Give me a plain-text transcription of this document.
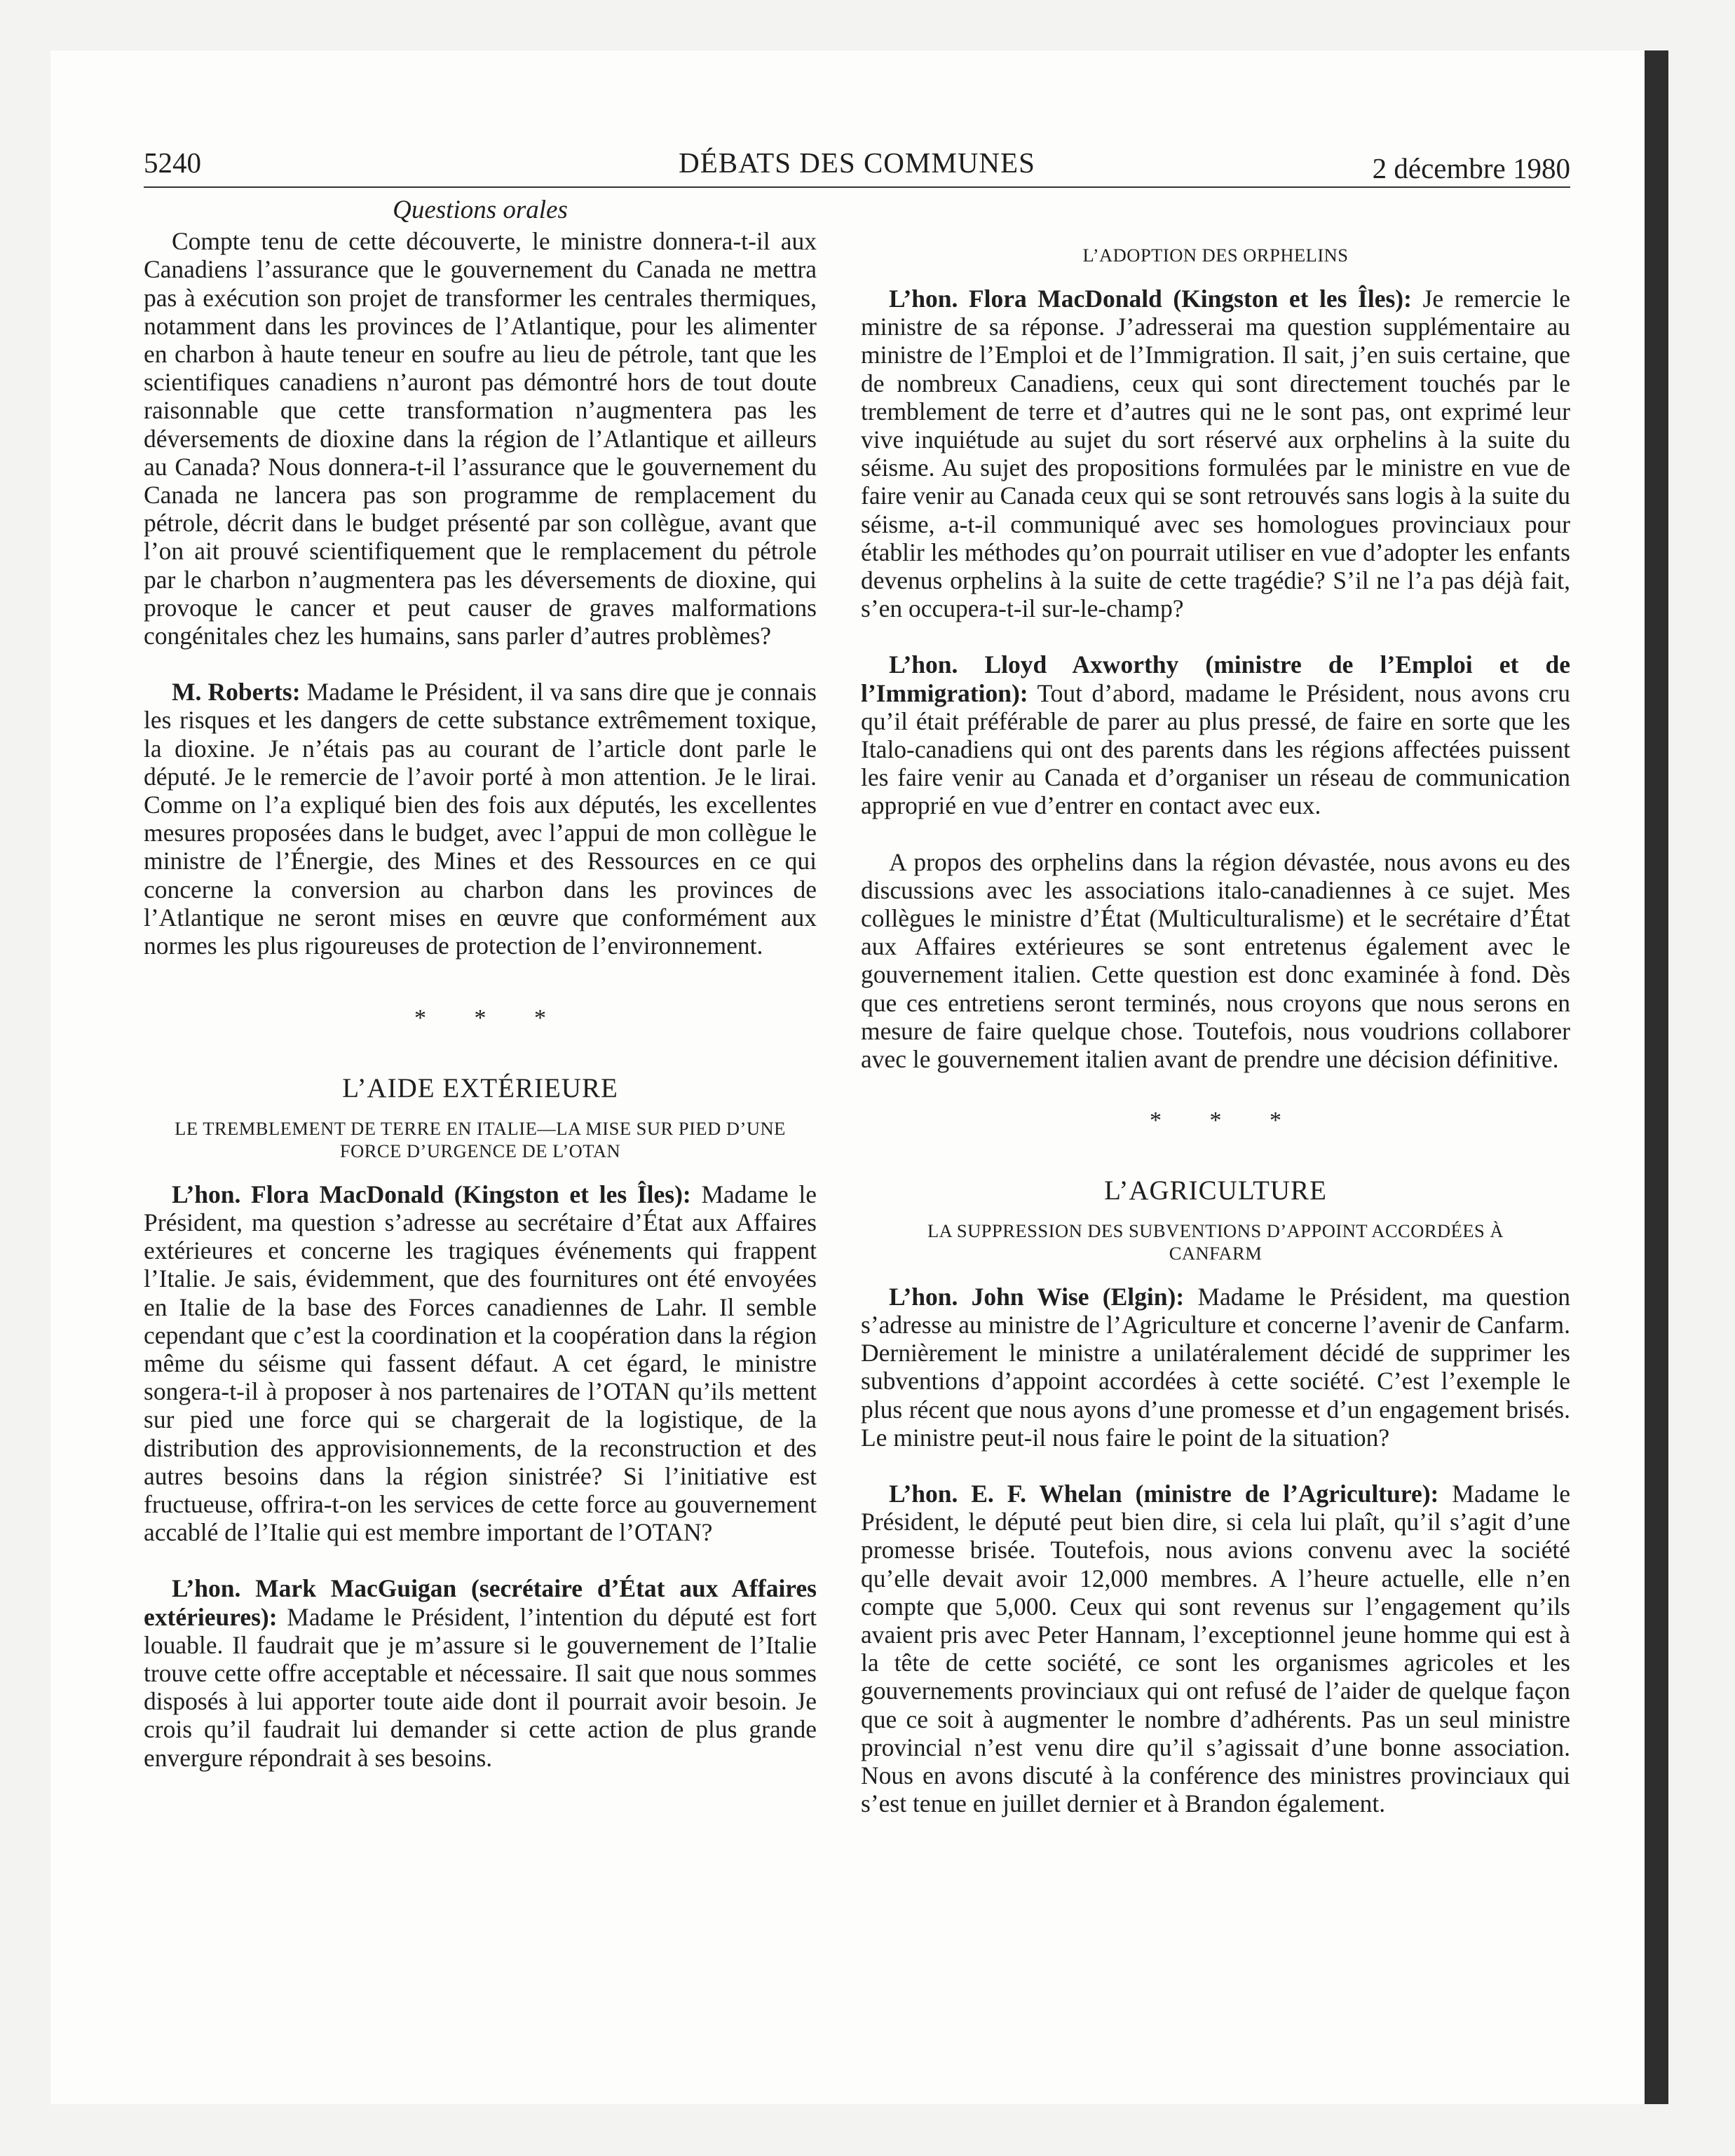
5240	DÉBATS DES COMMUNES	2 décembre 1980
Questions orales

Compte tenu de cette découverte, le ministre donnera-t-il aux Canadiens l’assurance que le gouvernement du Canada ne mettra pas à exécution son projet de transformer les centrales thermiques, notamment dans les provinces de l’Atlantique, pour les alimenter en charbon à haute teneur en soufre au lieu de pétrole, tant que les scientifiques canadiens n’auront pas démontré hors de tout doute raisonnable que cette transformation n’augmentera pas les déversements de dioxine dans la région de l’Atlantique et ailleurs au Canada? Nous donnera-t-il l’assurance que le gouvernement du Canada ne lancera pas son programme de remplacement du pétrole, décrit dans le budget présenté par son collègue, avant que l’on ait prouvé scientifiquement que le remplacement du pétrole par le charbon n’augmentera pas les déversements de dioxine, qui provoque le cancer et peut causer de graves malformations congénitales chez les humains, sans parler d’autres problèmes?

M. Roberts: Madame le Président, il va sans dire que je connais les risques et les dangers de cette substance extrêmement toxique, la dioxine. Je n’étais pas au courant de l’article dont parle le député. Je le remercie de l’avoir porté à mon attention. Je le lirai. Comme on l’a expliqué bien des fois aux députés, les excellentes mesures proposées dans le budget, avec l’appui de mon collègue le ministre de l’Énergie, des Mines et des Ressources en ce qui concerne la conversion au charbon dans les provinces de l’Atlantique ne seront mises en œuvre que conformément aux normes les plus rigoureuses de protection de l’environnement.

* * *
L’AIDE EXTÉRIEURE
LE TREMBLEMENT DE TERRE EN ITALIE—LA MISE SUR PIED D’UNE FORCE D’URGENCE DE L’OTAN

L’hon. Flora MacDonald (Kingston et les Îles): Madame le Président, ma question s’adresse au secrétaire d’État aux Affaires extérieures et concerne les tragiques événements qui frappent l’Italie. Je sais, évidemment, que des fournitures ont été envoyées en Italie de la base des Forces canadiennes de Lahr. Il semble cependant que c’est la coordination et la coopération dans la région même du séisme qui fassent défaut. A cet égard, le ministre songera-t-il à proposer à nos partenaires de l’OTAN qu’ils mettent sur pied une force qui se chargerait de la logistique, de la distribution des approvisionnements, de la reconstruction et des autres besoins dans la région sinistrée? Si l’initiative est fructueuse, offrira-t-on les services de cette force au gouvernement accablé de l’Italie qui est membre important de l’OTAN?

L’hon. Mark MacGuigan (secrétaire d’État aux Affaires extérieures): Madame le Président, l’intention du député est fort louable. Il faudrait que je m’assure si le gouvernement de l’Italie trouve cette offre acceptable et nécessaire. Il sait que nous sommes disposés à lui apporter toute aide dont il pourrait avoir besoin. Je crois qu’il faudrait lui demander si cette action de plus grande envergure répondrait à ses besoins.

L’ADOPTION DES ORPHELINS

L’hon. Flora MacDonald (Kingston et les Îles): Je remercie le ministre de sa réponse. J’adresserai ma question supplémentaire au ministre de l’Emploi et de l’Immigration. Il sait, j’en suis certaine, que de nombreux Canadiens, ceux qui sont directement touchés par le tremblement de terre et d’autres qui ne le sont pas, ont exprimé leur vive inquiétude au sujet du sort réservé aux orphelins à la suite du séisme. Au sujet des propositions formulées par le ministre en vue de faire venir au Canada ceux qui se sont retrouvés sans logis à la suite du séisme, a-t-il communiqué avec ses homologues provinciaux pour établir les méthodes qu’on pourrait utiliser en vue d’adopter les enfants devenus orphelins à la suite de cette tragédie? S’il ne l’a pas déjà fait, s’en occupera-t-il sur-le-champ?

L’hon. Lloyd Axworthy (ministre de l’Emploi et de l’Immigration): Tout d’abord, madame le Président, nous avons cru qu’il était préférable de parer au plus pressé, de faire en sorte que les Italo-canadiens qui ont des parents dans les régions affectées puissent les faire venir au Canada et d’organiser un réseau de communication approprié en vue d’entrer en contact avec eux.

A propos des orphelins dans la région dévastée, nous avons eu des discussions avec les associations italo-canadiennes à ce sujet. Mes collègues le ministre d’État (Multiculturalisme) et le secrétaire d’État aux Affaires extérieures se sont entretenus également avec le gouvernement italien. Cette question est donc examinée à fond. Dès que ces entretiens seront terminés, nous croyons que nous serons en mesure de faire quelque chose. Toutefois, nous voudrions collaborer avec le gouvernement italien avant de prendre une décision définitive.

* * *
L’AGRICULTURE
LA SUPPRESSION DES SUBVENTIONS D’APPOINT ACCORDÉES À CANFARM

L’hon. John Wise (Elgin): Madame le Président, ma question s’adresse au ministre de l’Agriculture et concerne l’avenir de Canfarm. Dernièrement le ministre a unilatéralement décidé de supprimer les subventions d’appoint accordées à cette société. C’est l’exemple le plus récent que nous ayons d’une promesse et d’un engagement brisés. Le ministre peut-il nous faire le point de la situation?

L’hon. E. F. Whelan (ministre de l’Agriculture): Madame le Président, le député peut bien dire, si cela lui plaît, qu’il s’agit d’une promesse brisée. Toutefois, nous avions convenu avec la société qu’elle devait avoir 12,000 membres. A l’heure actuelle, elle n’en compte que 5,000. Ceux qui sont revenus sur l’engagement qu’ils avaient pris avec Peter Hannam, l’exceptionnel jeune homme qui est à la tête de cette société, ce sont les organismes agricoles et les gouvernements provinciaux qui ont refusé de l’aider de quelque façon que ce soit à augmenter le nombre d’adhérents. Pas un seul ministre provincial n’est venu dire qu’il s’agissait d’une bonne association. Nous en avons discuté à la conférence des ministres provinciaux qui s’est tenue en juillet dernier et à Brandon également.
